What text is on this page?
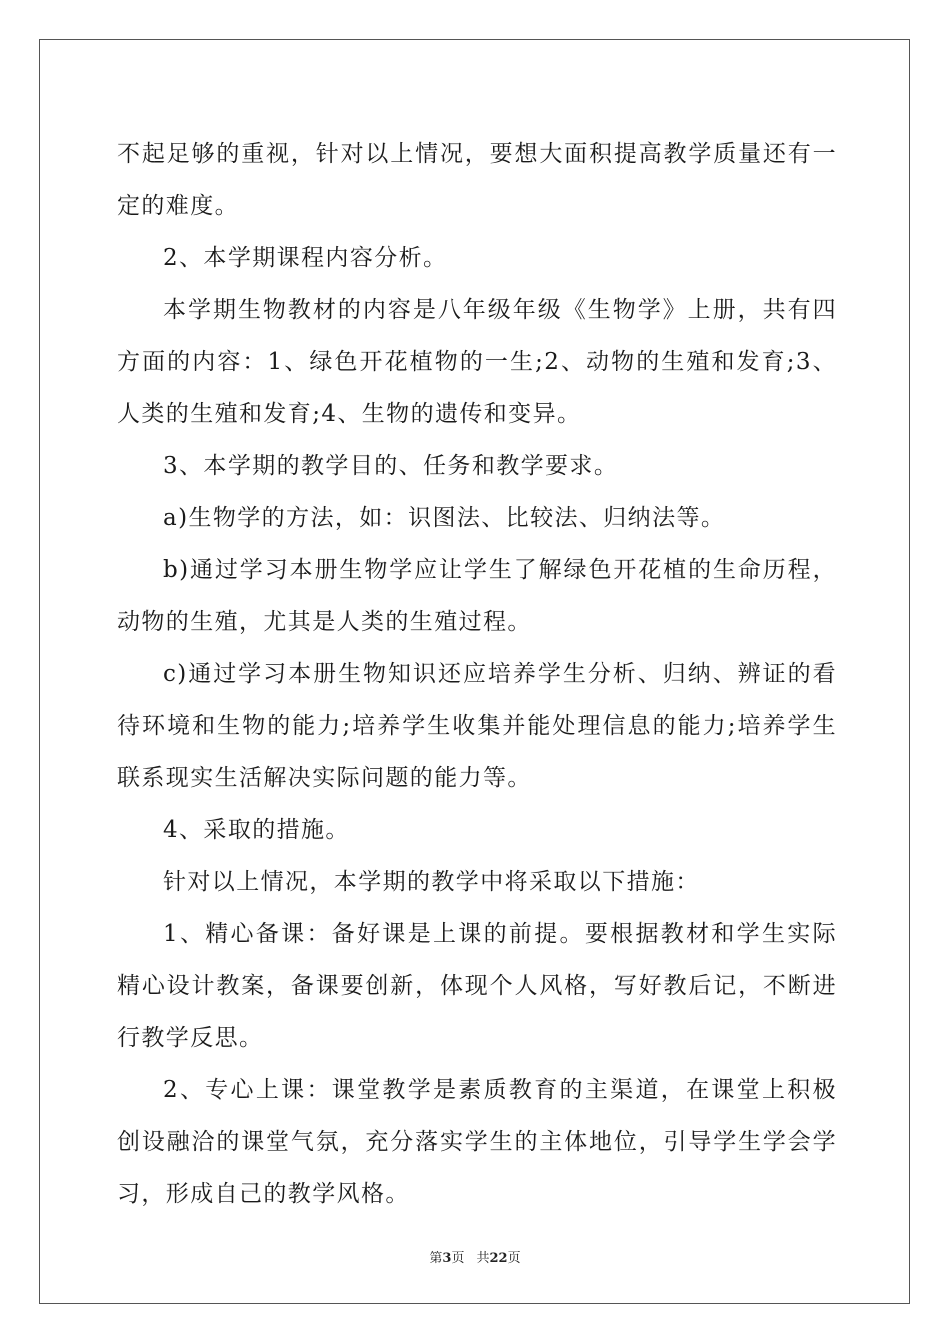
不起足够的重视，针对以上情况，要想大面积提高教学质量还有一定的难度。

2、本学期课程内容分析。

本学期生物教材的内容是八年级年级《生物学》上册，共有四方面的内容：1、绿色开花植物的一生;2、动物的生殖和发育;3、人类的生殖和发育;4、生物的遗传和变异。

3、本学期的教学目的、任务和教学要求。

a)生物学的方法，如：识图法、比较法、归纳法等。

b)通过学习本册生物学应让学生了解绿色开花植的生命历程，动物的生殖，尤其是人类的生殖过程。

c)通过学习本册生物知识还应培养学生分析、归纳、辨证的看待环境和生物的能力;培养学生收集并能处理信息的能力;培养学生联系现实生活解决实际问题的能力等。

4、采取的措施。

针对以上情况，本学期的教学中将采取以下措施：

1、精心备课：备好课是上课的前提。要根据教材和学生实际精心设计教案，备课要创新，体现个人风格，写好教后记，不断进行教学反思。

2、专心上课：课堂教学是素质教育的主渠道，在课堂上积极创设融洽的课堂气氛，充分落实学生的主体地位，引导学生学会学习，形成自己的教学风格。

第3页 共22页
